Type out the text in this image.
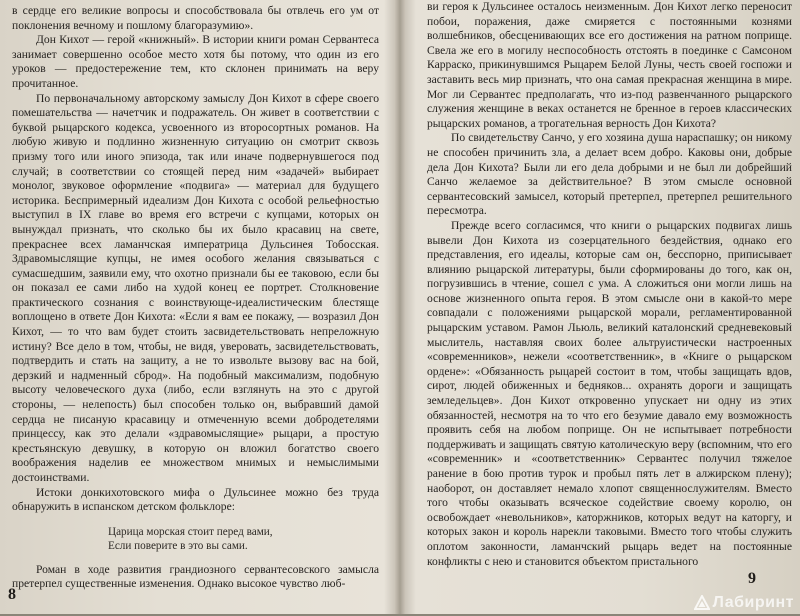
в сердце его великие вопросы и способствовала бы отвлечь его ум от поклонения вечному и пошлому благоразумию».

Дон Кихот — герой «книжный». В истории книги роман Сервантеса занимает совершенно особое место хотя бы потому, что один из его уроков — предостережение тем, кто склонен принимать на веру прочитанное.

По первоначальному авторскому замыслу Дон Кихот в сфере своего помешательства — начетчик и подражатель. Он живет в соответствии с буквой рыцарского кодекса, усвоенного из второсортных романов. На любую живую и подлинно жизненную ситуацию он смотрит сквозь призму того или иного эпизода, так или иначе подвернувшегося под случай; в соответствии со стоящей перед ним «задачей» выбирает монолог, звуковое оформление «подвига» — материал для будущего историка. Беспримерный идеализм Дон Кихота с особой рельефностью выступил в IX главе во время его встречи с купцами, которых он вынуждал признать, что сколько бы их было красавиц на свете, прекраснее всех ламанчская императрица Дульсинея Тобосская. Здравомыслящие купцы, не имея особого желания связываться с сумасшедшим, заявили ему, что охотно признали бы ее таковою, если бы он показал ее сами либо на худой конец ее портрет. Столкновение практического сознания с воинствующе-идеалистическим блестяще воплощено в ответе Дон Кихота: «Если я вам ее покажу, — возразил Дон Кихот, — то что вам будет стоить засвидетельствовать непреложную истину? Все дело в том, чтобы, не видя, уверовать, засвидетельствовать, подтвердить и стать на защиту, а не то извольте вызову вас на бой, дерзкий и надменный сброд». На подобный максимализм, подобную высоту человеческого духа (либо, если взглянуть на это с другой стороны, — нелепость) был способен только он, выбравший дамой сердца не писаную красавицу и отмеченную всеми добродетелями принцессу, как это делали «здравомыслящие» рыцари, а простую крестьянскую девушку, в которую он вложил богатство своего воображения наделив ее множеством мнимых и немыслимыми достоинствами.

Истоки донкихотовского мифа о Дульсинее можно без труда обнаружить в испанском детском фольклоре:

Царица морская стоит перед вами,
Если поверите в это вы сами.

Роман в ходе развития грандиозного сервантесовского замысла претерпел существенные изменения. Однако высокое чувство люб-

8

ви героя к Дульсинее осталось неизменным. Дон Кихот легко переносит побои, поражения, даже смиряется с постоянными кознями волшебников, обесценивающих все его достижения на ратном поприще. Свела же его в могилу неспособность отстоять в поединке с Самсоном Карраско, прикинувшимся Рыцарем Белой Луны, честь своей госпожи и заставить весь мир признать, что она самая прекрасная женщина в мире. Мог ли Сервантес предполагать, что из-под развенчанного рыцарского служения женщине в веках останется не бренное в героев классических рыцарских романов, а трогательная верность Дон Кихота?

По свидетельству Санчо, у его хозяина душа нараспашку; он никому не способен причинить зла, а делает всем добро. Каковы они, добрые дела Дон Кихота? Были ли его дела добрыми и не был ли добрейший Санчо желаемое за действительное? В этом смысле основной сервантесовский замысел, который претерпел, претерпел решительного пересмотра.

Прежде всего согласимся, что книги о рыцарских подвигах лишь вывели Дон Кихота из созерцательного бездействия, однако его представления, его идеалы, которые сам он, бесспорно, приписывает влиянию рыцарской литературы, были сформированы до того, как он, погрузившись в чтение, сошел с ума. А сложиться они могли лишь на основе жизненного опыта героя. В этом смысле они в какой-то мере совпадали с положениями рыцарской морали, регламентированной рыцарским уставом. Рамон Льюль, великий каталонский средневековый мыслитель, наставляя своих более альтруистически настроенных «современников», нежели «соответственник», в «Книге о рыцарском ордене»: «Обязанность рыцарей состоит в том, чтобы защищать вдов, сирот, людей обиженных и бедняков... охранять дороги и защищать земледельцев». Дон Кихот откровенно упускает ни одну из этих обязанностей, несмотря на то что его безумие давало ему возможность проявить себя на любом поприще. Он не испытывает потребности поддерживать и защищать святую католическую веру (вспомним, что его «современник» и «соответственник» Сервантес получил тяжелое ранение в бою против турок и пробыл пять лет в алжирском плену); наоборот, он доставляет немало хлопот священнослужителям. Вместо того чтобы оказывать всяческое содействие своему королю, он освобождает «невольников», каторжников, которых ведут на каторгу, и которых закон и король нарекли таковыми. Вместо того чтобы служить оплотом законности, ламанчский рыцарь ведет на постоянные конфликты с нею и становится объектом пристального

9
Лабиринт
